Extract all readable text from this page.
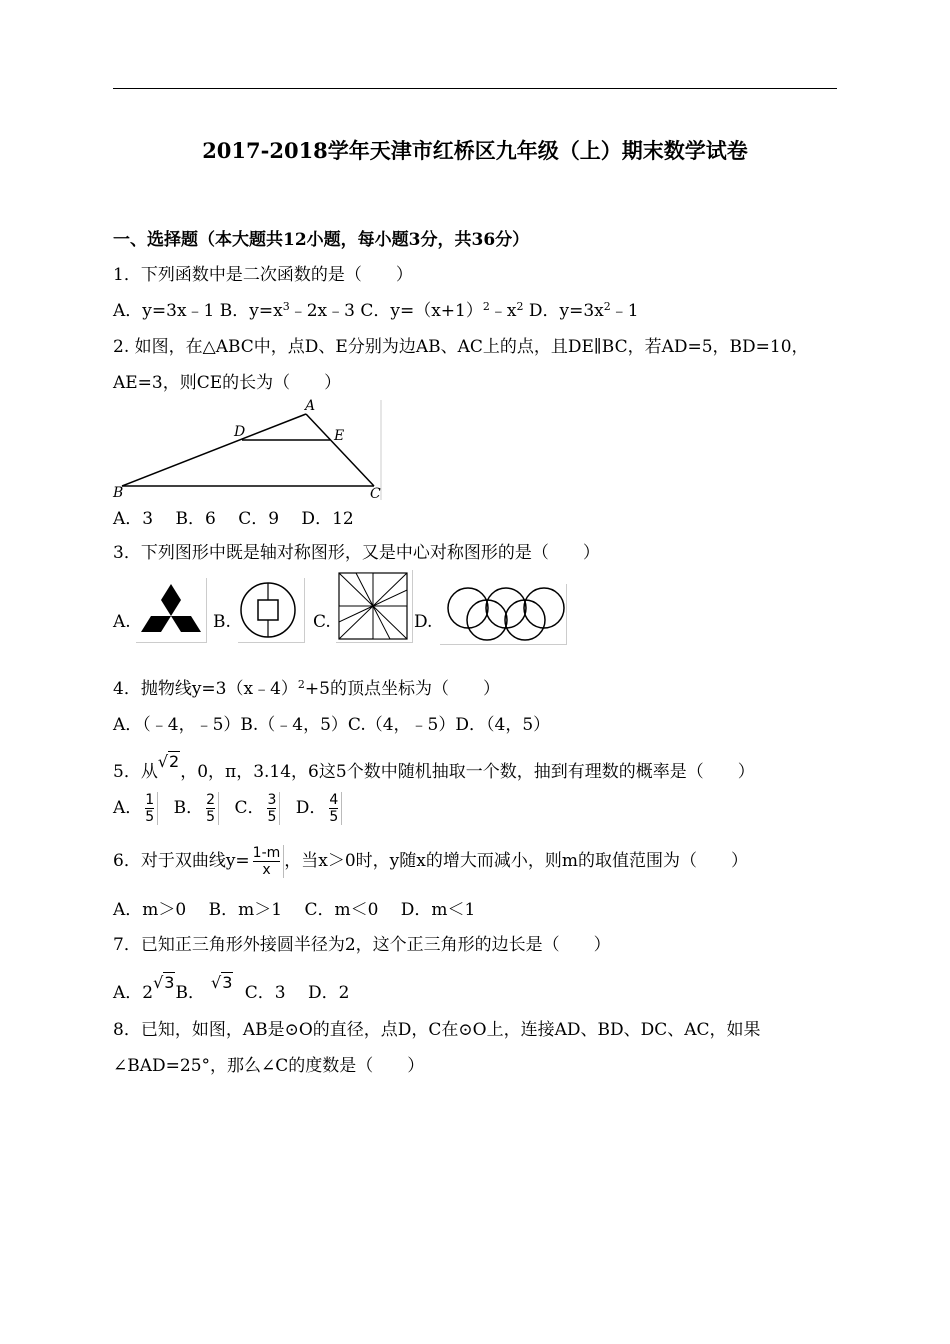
2017-2018学年天津市红桥区九年级（上）期末数学试卷
一、选择题（本大题共12小题，每小题3分，共36分）
1．下列函数中是二次函数的是（　　）
A．y=3x﹣1 B．$y=x^3﹣2x﹣3$ C．$y=(x+1)^2﹣x^2$ D．$y=3x^2﹣1$
2. 如图，在△ABC中，点D、E分别为边AB、AC上的点，且DE∥BC，若AD=5，BD=10，
AE=3，则CE的长为（　　）
A
D	E
B	C
A．3　 B．6　 C．9　 D．12
3．下列图形中既是轴对称图形，又是中心对称图形的是（　　）
A.	B.	C.	D.
4．抛物线y=3（x﹣4）$^2$+5的顶点坐标为（　　）
A．（﹣4，﹣5）B.（﹣4，5）C.（4，﹣5）D．（4，5）
5．从√2，0，π，3.14，6这5个数中随机抽取一个数，抽到有理数的概率是（　　）
A． $\frac{1}{5}$ B． $\frac{2}{5}$ C． $\frac{3}{5}$ D． $\frac{4}{5}$
6．对于双曲线$y= \frac{1-m}{x}$ ，当x＞0时，y随x的增大而减小，则m的取值范围为（　　）
A．m＞0　 B．m＞1　 C．m＜0　 D．m＜1
7．已知正三角形外接圆半径为2，这个正三角形的边长是（　　）
A．2√3B．√3 C．3　 D．2
8．已知，如图，AB是⊙O的直径，点D，C在⊙O上，连接AD、BD、DC、AC，如果
∠BAD=25°，那么∠C的度数是（　　）
